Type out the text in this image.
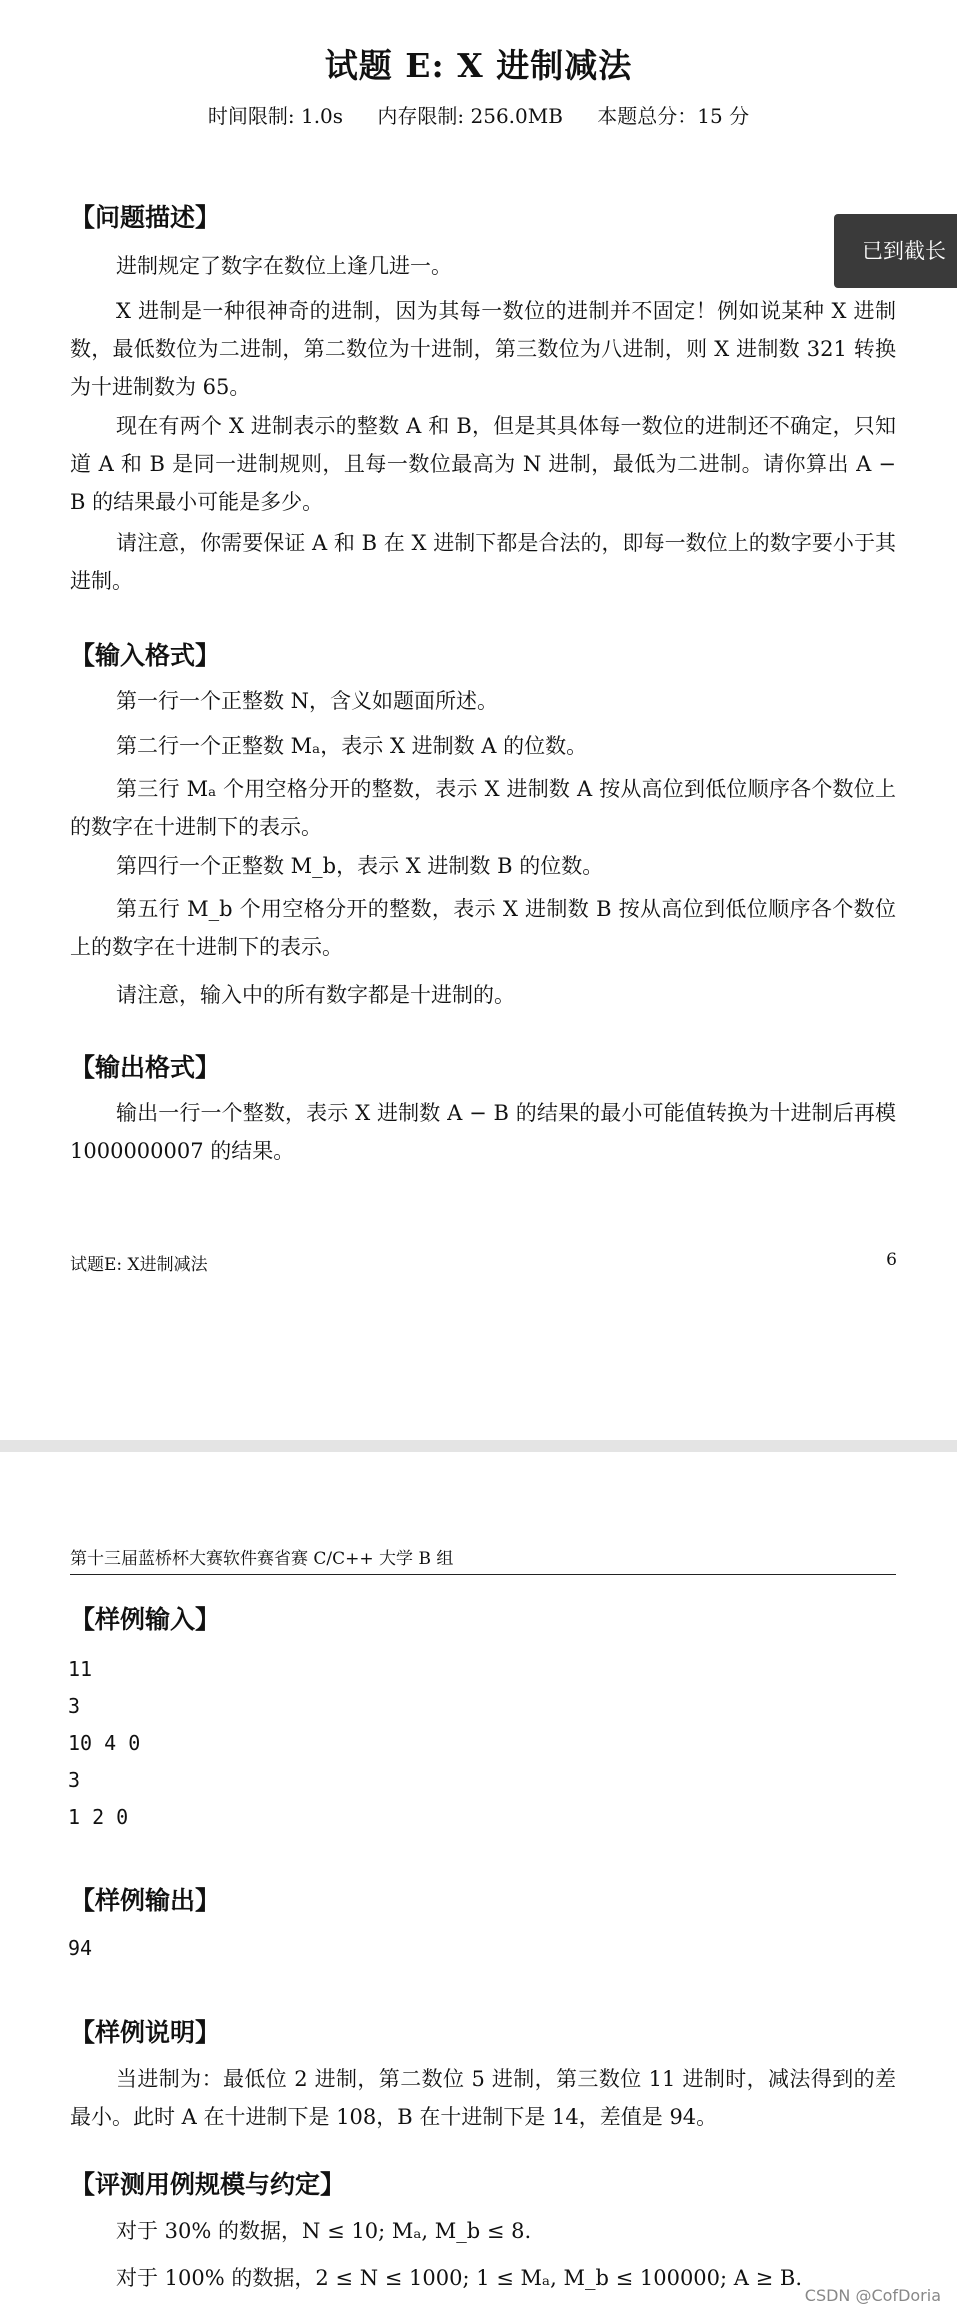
试题 E: X 进制减法
时间限制: 1.0s 内存限制: 256.0MB 本题总分：15 分
【问题描述】
进制规定了数字在数位上逢几进一。
X 进制是一种很神奇的进制，因为其每一数位的进制并不固定！例如说某种 X 进制数，最低数位为二进制，第二数位为十进制，第三数位为八进制，则 X 进制数 321 转换为十进制数为 65。
现在有两个 X 进制表示的整数 A 和 B，但是其具体每一数位的进制还不确定，只知道 A 和 B 是同一进制规则，且每一数位最高为 N 进制，最低为二进制。请你算出 A − B 的结果最小可能是多少。
请注意，你需要保证 A 和 B 在 X 进制下都是合法的，即每一数位上的数字要小于其进制。
【输入格式】
第一行一个正整数 N，含义如题面所述。
第二行一个正整数 Mₐ，表示 X 进制数 A 的位数。
第三行 Mₐ 个用空格分开的整数，表示 X 进制数 A 按从高位到低位顺序各个数位上的数字在十进制下的表示。
第四行一个正整数 M_b，表示 X 进制数 B 的位数。
第五行 M_b 个用空格分开的整数，表示 X 进制数 B 按从高位到低位顺序各个数位上的数字在十进制下的表示。
请注意，输入中的所有数字都是十进制的。
【输出格式】
输出一行一个整数，表示 X 进制数 A − B 的结果的最小可能值转换为十进制后再模 1000000007 的结果。
试题E: X进制减法	6
已到截长
第十三届蓝桥杯大赛软件赛省赛 C/C++ 大学 B 组
【样例输入】
11
3
10 4 0
3
1 2 0
【样例输出】
94
【样例说明】
当进制为：最低位 2 进制，第二数位 5 进制，第三数位 11 进制时，减法得到的差最小。此时 A 在十进制下是 108，B 在十进制下是 14，差值是 94。
【评测用例规模与约定】
对于 30% 的数据，N ≤ 10; Mₐ, M_b ≤ 8.
对于 100% 的数据，2 ≤ N ≤ 1000; 1 ≤ Mₐ, M_b ≤ 100000; A ≥ B.
CSDN @CofDoria
